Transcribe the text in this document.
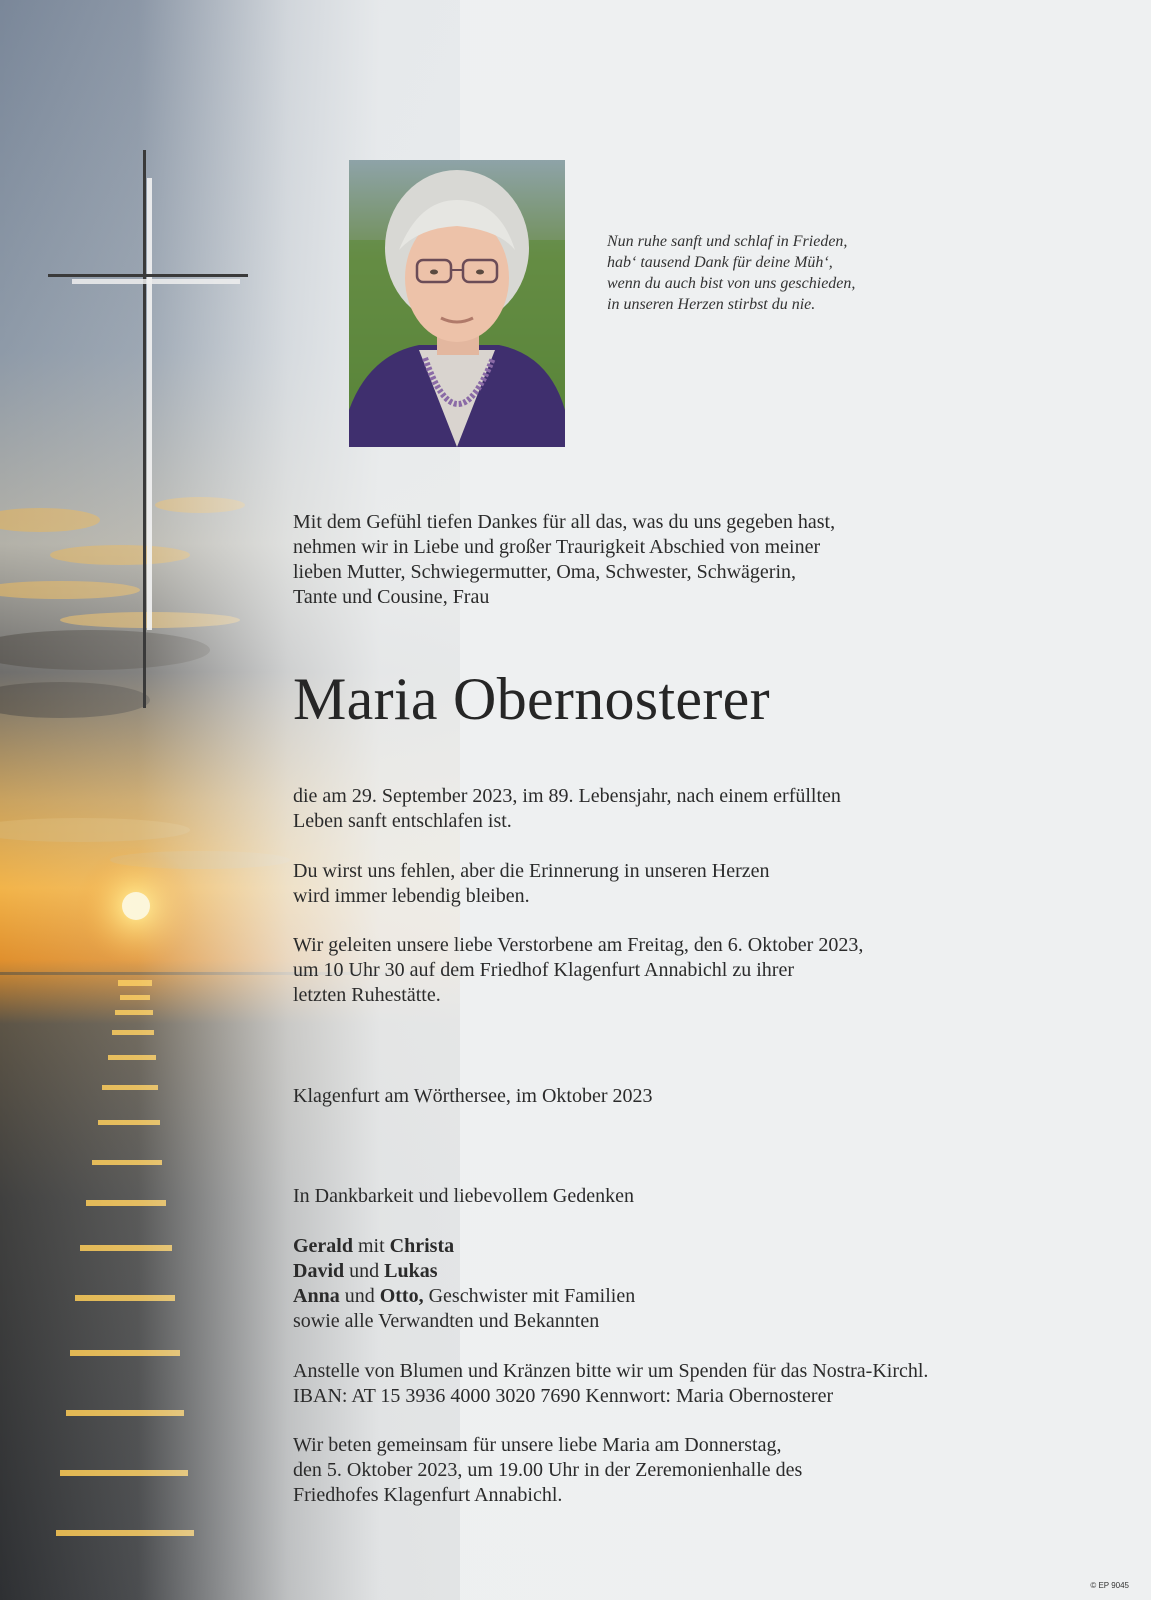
Nun ruhe sanft und schlaf in Frieden,
hab‘ tausend Dank für deine Müh‘,
wenn du auch bist von uns geschieden,
in unseren Herzen stirbst du nie.
Mit dem Gefühl tiefen Dankes für all das, was du uns gegeben hast,
nehmen wir in Liebe und großer Traurigkeit Abschied von meiner
lieben Mutter, Schwiegermutter, Oma, Schwester, Schwägerin,
Tante und Cousine, Frau
Maria Obernosterer
die am 29. September 2023, im 89. Lebensjahr, nach einem erfüllten
Leben sanft entschlafen ist.
Du wirst uns fehlen, aber die Erinnerung in unseren Herzen
wird immer lebendig bleiben.
Wir geleiten unsere liebe Verstorbene am Freitag, den 6. Oktober 2023,
um 10 Uhr 30 auf dem Friedhof Klagenfurt Annabichl zu ihrer
letzten Ruhestätte.
Klagenfurt am Wörthersee, im Oktober 2023
In Dankbarkeit und liebevollem Gedenken
Gerald mit Christa
David und Lukas
Anna und Otto, Geschwister mit Familien
sowie alle Verwandten und Bekannten
Anstelle von Blumen und Kränzen bitte wir um Spenden für das Nostra-Kirchl.
IBAN: AT 15 3936 4000 3020 7690 Kennwort: Maria Obernosterer
Wir beten gemeinsam für unsere liebe Maria am Donnerstag,
den 5. Oktober 2023, um 19.00 Uhr in der Zeremonienhalle des
Friedhofes Klagenfurt Annabichl.
© EP 9045
